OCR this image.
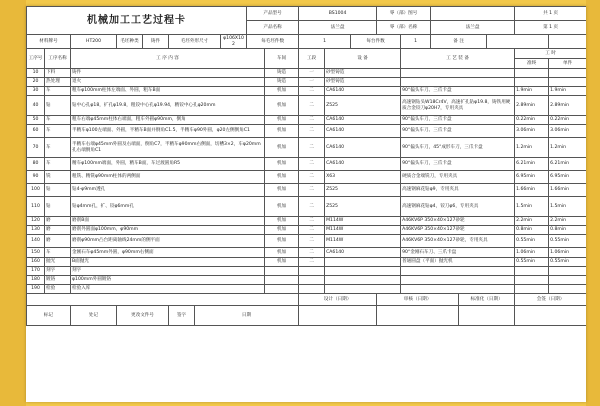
机械加工工艺过程卡								产品型号		BS1004			零（部）图号					共 1 页	
								产品名称		法兰盘			零（部）名称		法兰盘			第 1 页	
材料牌号		HT200	毛坯种类	铸件	毛坯外形尺寸		φ106X102	每毛坯件数		1		每台件数		1	备 注				
工序号	工序名称	工 序 内 容							车间	工段	设 备			工 艺 装 备				工 时	
																		准终	单件
10	下料	铸件							铸造	一	砂型铸造								
20	热处理	退火							铸造	一	砂型铸造								
30	车	粗车φ100mm柱体左端面、外圆，粗车B面							机加	二	CA6140			90°偏头车刀、三爪卡盘				1.9min	1.9min
40	钻	钻中心孔φ18，扩孔φ19.8，粗铰中心孔φ19.94，精铰中心孔φ20mm							机加	二	Z525			高速钢钻头W18Cr4V，高速扩孔钻φ19.8，铸铁用硬质合金铰刀φ20H7，专用夹具				2.89min	2.89min
50	车	粗车右端φ45mm柱体右端面，粗车外圆φ90mm，倒角							机加	二	CA6140			90°偏头车刀，三爪卡盘				0.22min	0.22min
60	车	半精车φ100左端面、外圆，半精车B面并倒角C1.5，半精车φ90外圆，φ20左侧倒角C1							机加	二	CA6140			90°偏头车刀、三爪卡盘				3.06min	3.06min
70	车	半精车右端φ45mm外圆及右端面，倒角C7，半精车φ90mm右侧面，切槽3×2，车φ20mm孔右端倒角C1							机加	二	CA6140			90°偏头车刀，45°成形车刀，三爪卡盘				1.2min	1.2min
80	车	精车φ100mm端面，外圆，精车B面，车过渡圆角R5							机加	二	CA6140			90°偏头车刀，三爪卡盘				6.21min	6.21min
90	铣	粗铣、精铣φ90mm柱体的两侧面							机加	二	X63			硬质合金端铣刀，专用夹具				6.95min	6.95min
100	钻	钻4-φ9mm透孔							机加	二	Z525			高速钢麻花钻φ9，专用夹具				1.66min	1.66min
110	钻	钻φ4mm孔，扩、铰φ6mm孔							机加	二	Z525			高速钢麻花钻φ4，铰刀φ6，专用夹具				1.5min	1.5min
120	磨	磨削B面							机加	二	M114W			A46KV6P 350×40×127砂轮				2.2min	2.2min
130	磨	磨削外圆面φ100mm，φ90mm							机加	二	M114W			A46KV6P 350×40×127砂轮				0.8min	0.8min
140	磨	磨削φ90mm凸台距离轴线24mm的侧平面							机加	二	M114W			A46KV6P 350×40×127砂轮，专用夹具				0.55min	0.55min
150	车	金刚石车φ45mm外圆，φ90mm右侧面							机加	二	CA6140			90°金刚石车刀、三爪卡盘				1.06min	1.06min
160	抛光	B面抛光							机加	二				普通圆盘（平面）抛光机				0.55min	0.55min
170	刻字	刻字																	
180	镀铬	φ100mm外圆镀铬																	
190	检验	检验入库																	
										设计（日期）			审核（日期）			标准化（日期）		会签（日期）	
标记		处记	更改文件号		签字	日期													
